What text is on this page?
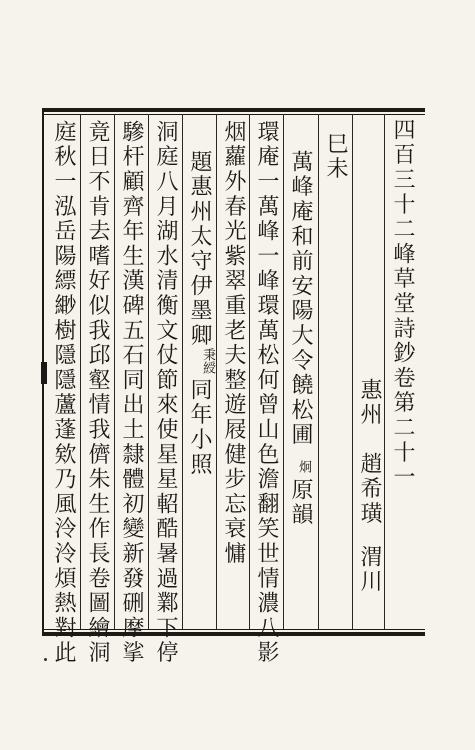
四百三十二峰草堂詩鈔卷第二十一
惠州
趙希璜
渭川
巳未
萬峰庵和前安陽大令饒松圃
炯
原韻
環庵一萬峰一峰環萬松何曾山色澹翻笑世情濃八影
烟蘿外春光紫翠重老夫整遊屐健步忘衰慵
題惠州太守伊墨卿
秉綬
同年小照
洞庭八月湖水清衡文仗節來使星星軺酷暑過鄴下停
驂杆顧齊年生漢碑五石同出土隸體初變新發硎摩挲
竟日不肯去嗜好似我邱壑情我儕朱生作長卷圖繪洞
庭秋一泓岳陽縹緲樹隱隱蘆蓬欸乃風泠泠煩熱對此
